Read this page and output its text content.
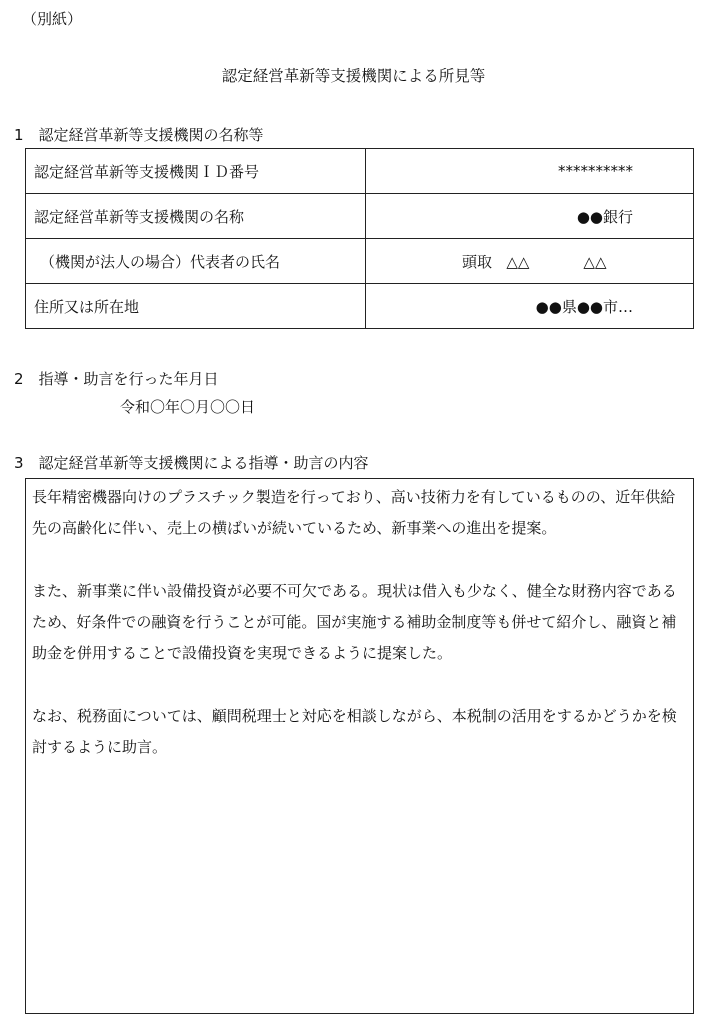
（別紙）
認定経営革新等支援機関による所見等
1　認定経営革新等支援機関の名称等
認定経営革新等支援機関ＩＤ番号	**********
認定経営革新等支援機関の名称	●●銀行
（機関が法人の場合）代表者の氏名	頭取 △△ △△
住所又は所在地	●●県●●市…
2　指導・助言を行った年月日
令和〇年〇月〇〇日
3　認定経営革新等支援機関による指導・助言の内容

長年精密機器向けのプラスチック製造を行っており、高い技術力を有しているものの、近年供給先の高齢化に伴い、売上の横ばいが続いているため、新事業への進出を提案。

また、新事業に伴い設備投資が必要不可欠である。現状は借入も少なく、健全な財務内容であるため、好条件での融資を行うことが可能。国が実施する補助金制度等も併せて紹介し、融資と補助金を併用することで設備投資を実現できるように提案した。

なお、税務面については、顧問税理士と対応を相談しながら、本税制の活用をするかどうかを検討するように助言。
